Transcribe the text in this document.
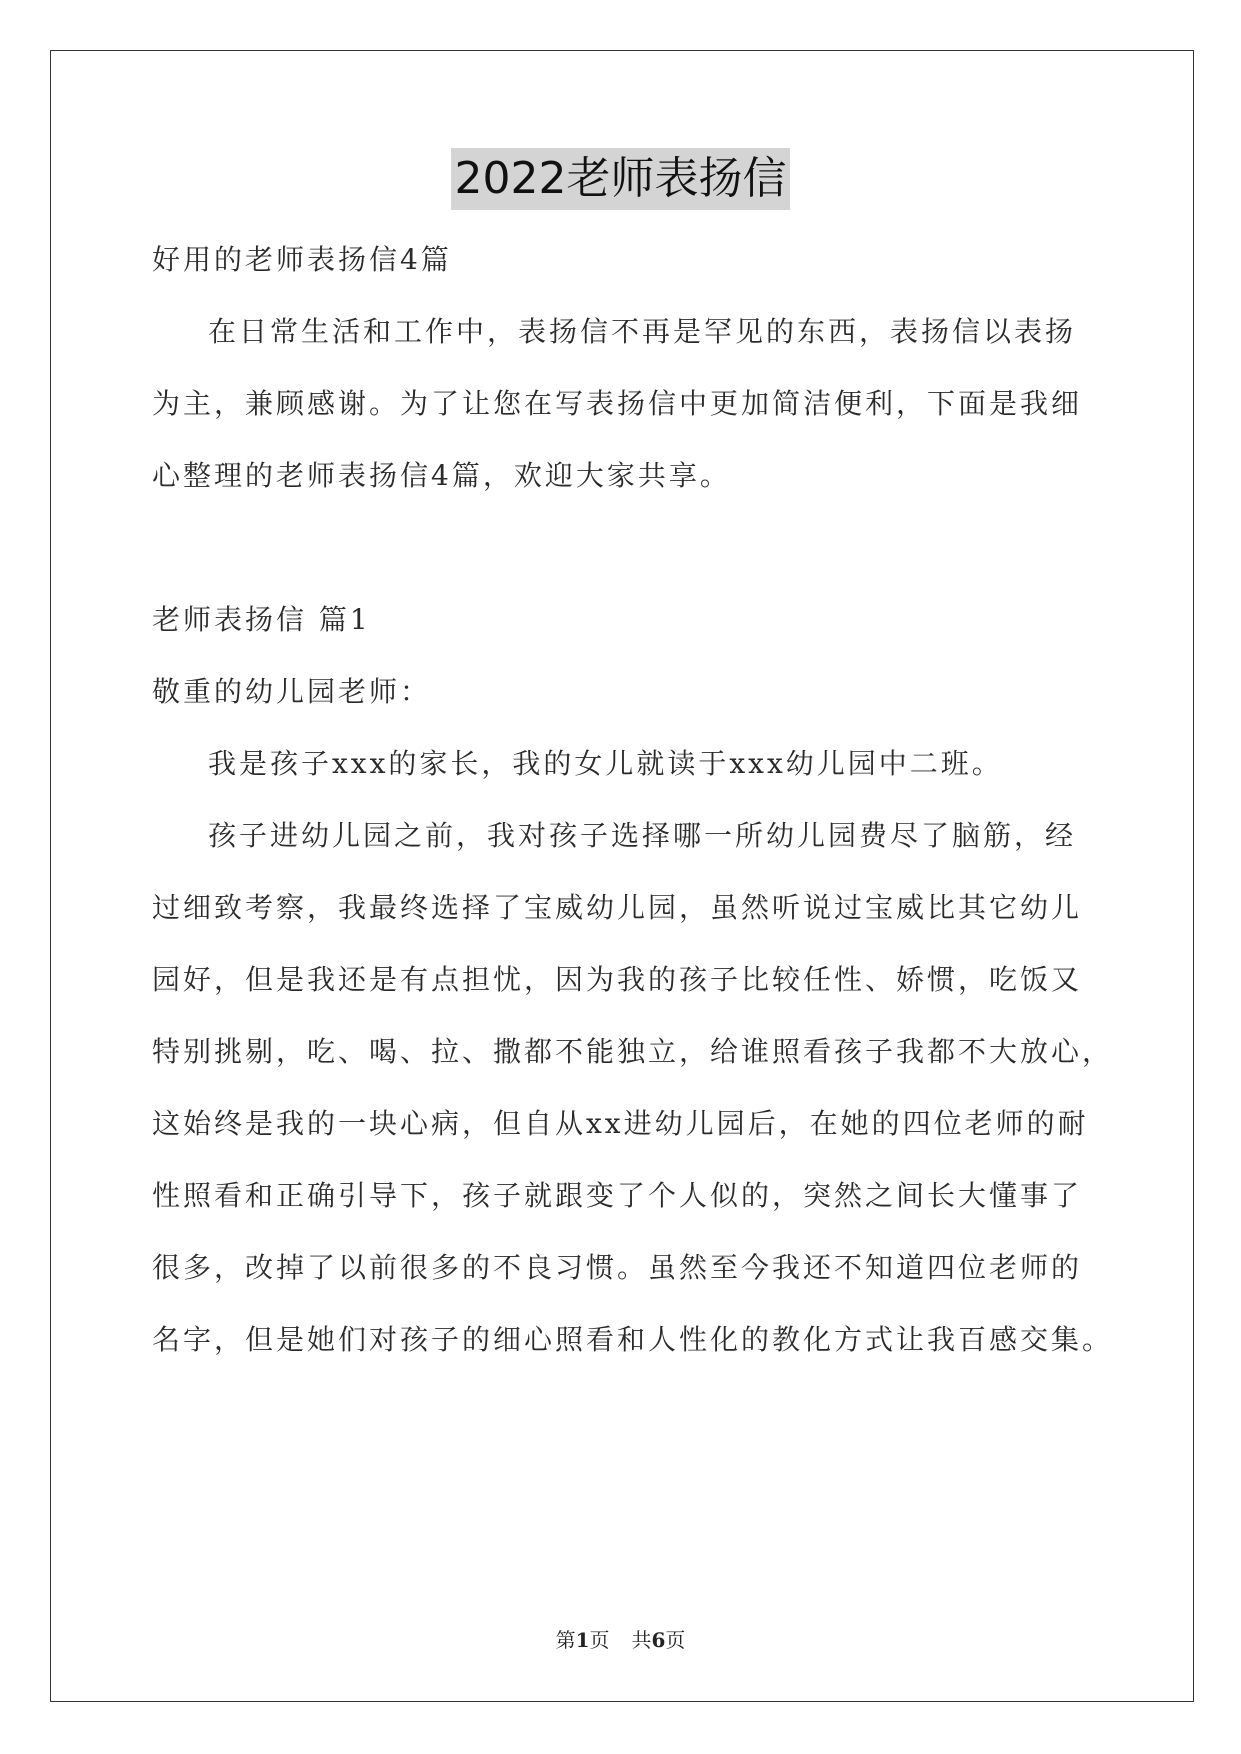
2022老师表扬信
好用的老师表扬信4篇
在日常生活和工作中，表扬信不再是罕见的东西，表扬信以表扬
为主，兼顾感谢。为了让您在写表扬信中更加简洁便利，下面是我细
心整理的老师表扬信4篇，欢迎大家共享。
老师表扬信 篇1
敬重的幼儿园老师：
我是孩子xxx的家长，我的女儿就读于xxx幼儿园中二班。
孩子进幼儿园之前，我对孩子选择哪一所幼儿园费尽了脑筋，经
过细致考察，我最终选择了宝威幼儿园，虽然听说过宝威比其它幼儿
园好，但是我还是有点担忧，因为我的孩子比较任性、娇惯，吃饭又
特别挑剔，吃、喝、拉、撒都不能独立，给谁照看孩子我都不大放心，
这始终是我的一块心病，但自从xx进幼儿园后，在她的四位老师的耐
性照看和正确引导下，孩子就跟变了个人似的，突然之间长大懂事了
很多，改掉了以前很多的不良习惯。虽然至今我还不知道四位老师的
名字，但是她们对孩子的细心照看和人性化的教化方式让我百感交集。
第1页 共6页
